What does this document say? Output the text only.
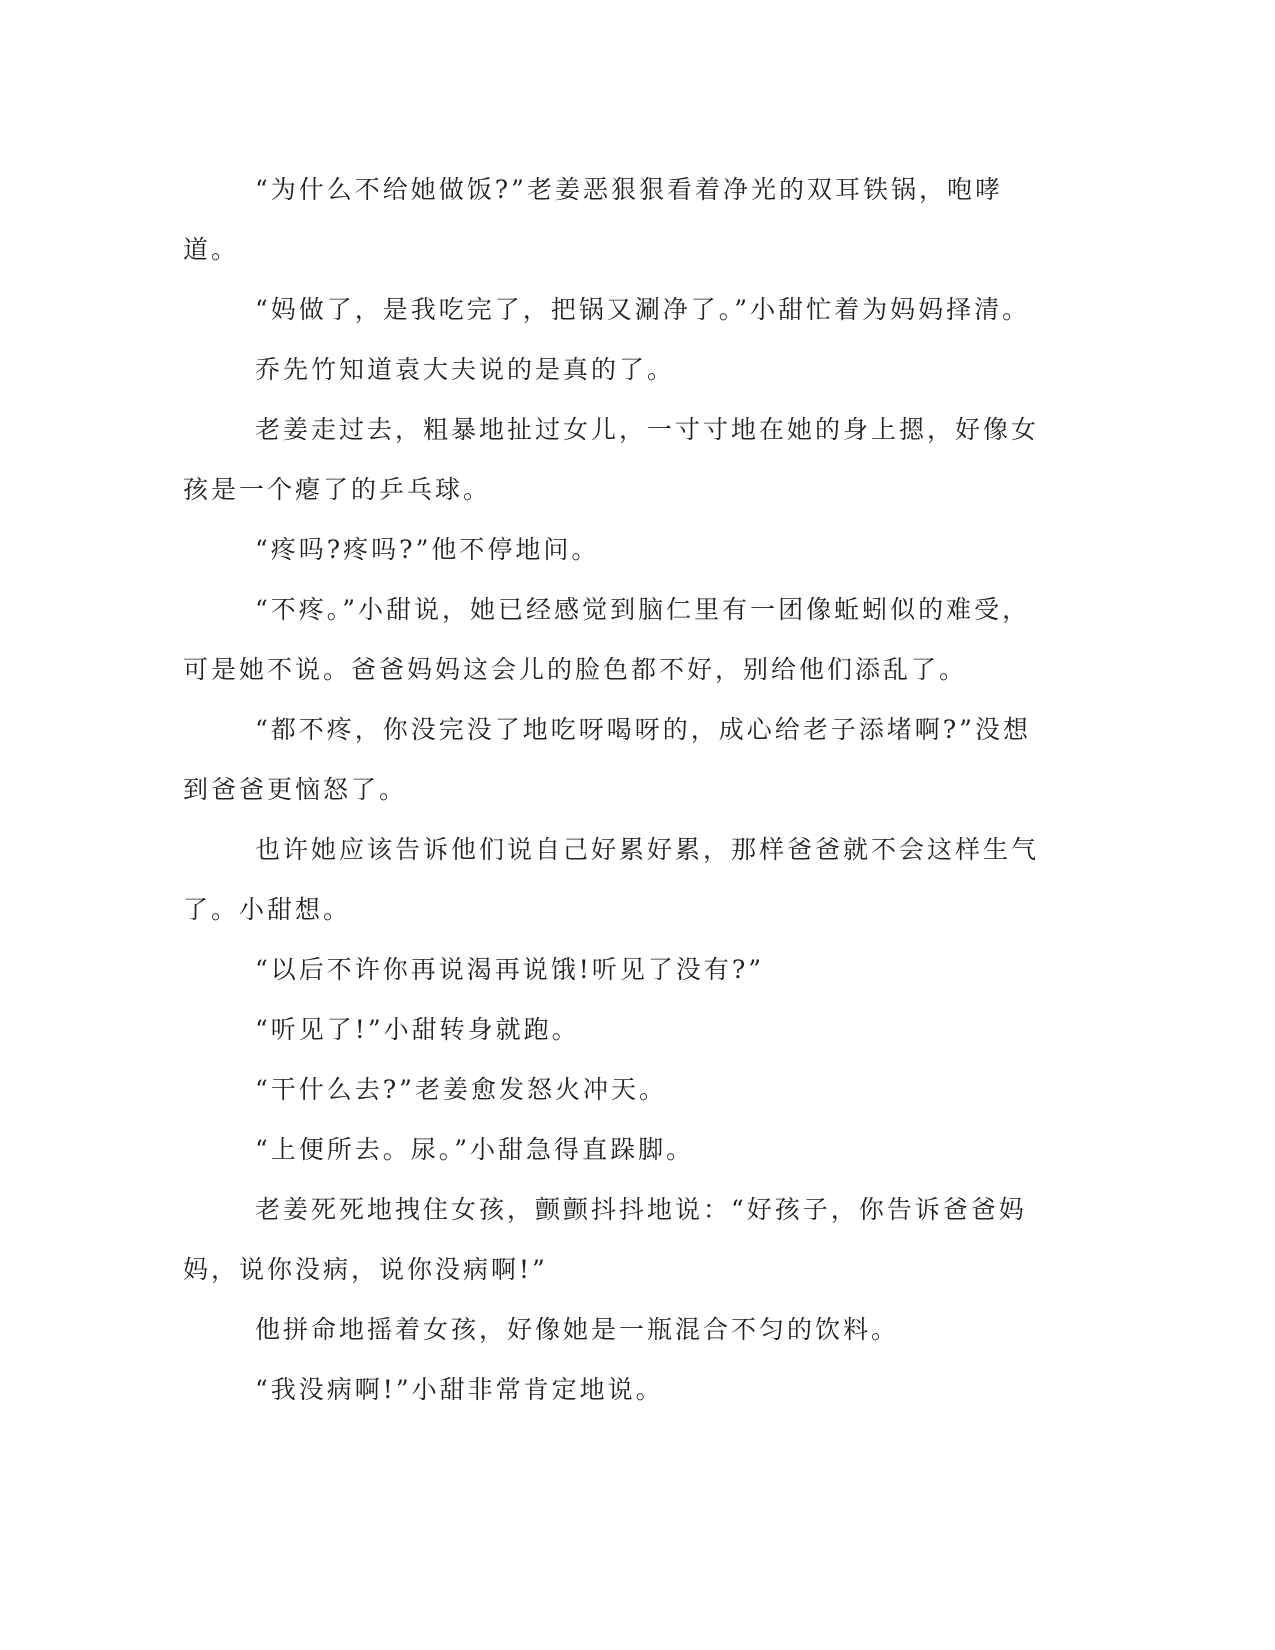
“为什么不给她做饭?”老姜恶狠狠看着净光的双耳铁锅，咆哮道。

“妈做了，是我吃完了，把锅又涮净了。”小甜忙着为妈妈择清。

乔先竹知道袁大夫说的是真的了。

老姜走过去，粗暴地扯过女儿，一寸寸地在她的身上摁，好像女孩是一个瘪了的乒乓球。

“疼吗?疼吗?”他不停地问。

“不疼。”小甜说，她已经感觉到脑仁里有一团像蚯蚓似的难受，可是她不说。爸爸妈妈这会儿的脸色都不好，别给他们添乱了。

“都不疼，你没完没了地吃呀喝呀的，成心给老子添堵啊?”没想到爸爸更恼怒了。

也许她应该告诉他们说自己好累好累，那样爸爸就不会这样生气了。小甜想。

“以后不许你再说渴再说饿!听见了没有?”

“听见了!”小甜转身就跑。

“干什么去?”老姜愈发怒火冲天。

“上便所去。尿。”小甜急得直跺脚。

老姜死死地拽住女孩，颤颤抖抖地说：“好孩子，你告诉爸爸妈妈，说你没病，说你没病啊!”

他拼命地摇着女孩，好像她是一瓶混合不匀的饮料。

“我没病啊!”小甜非常肯定地说。
